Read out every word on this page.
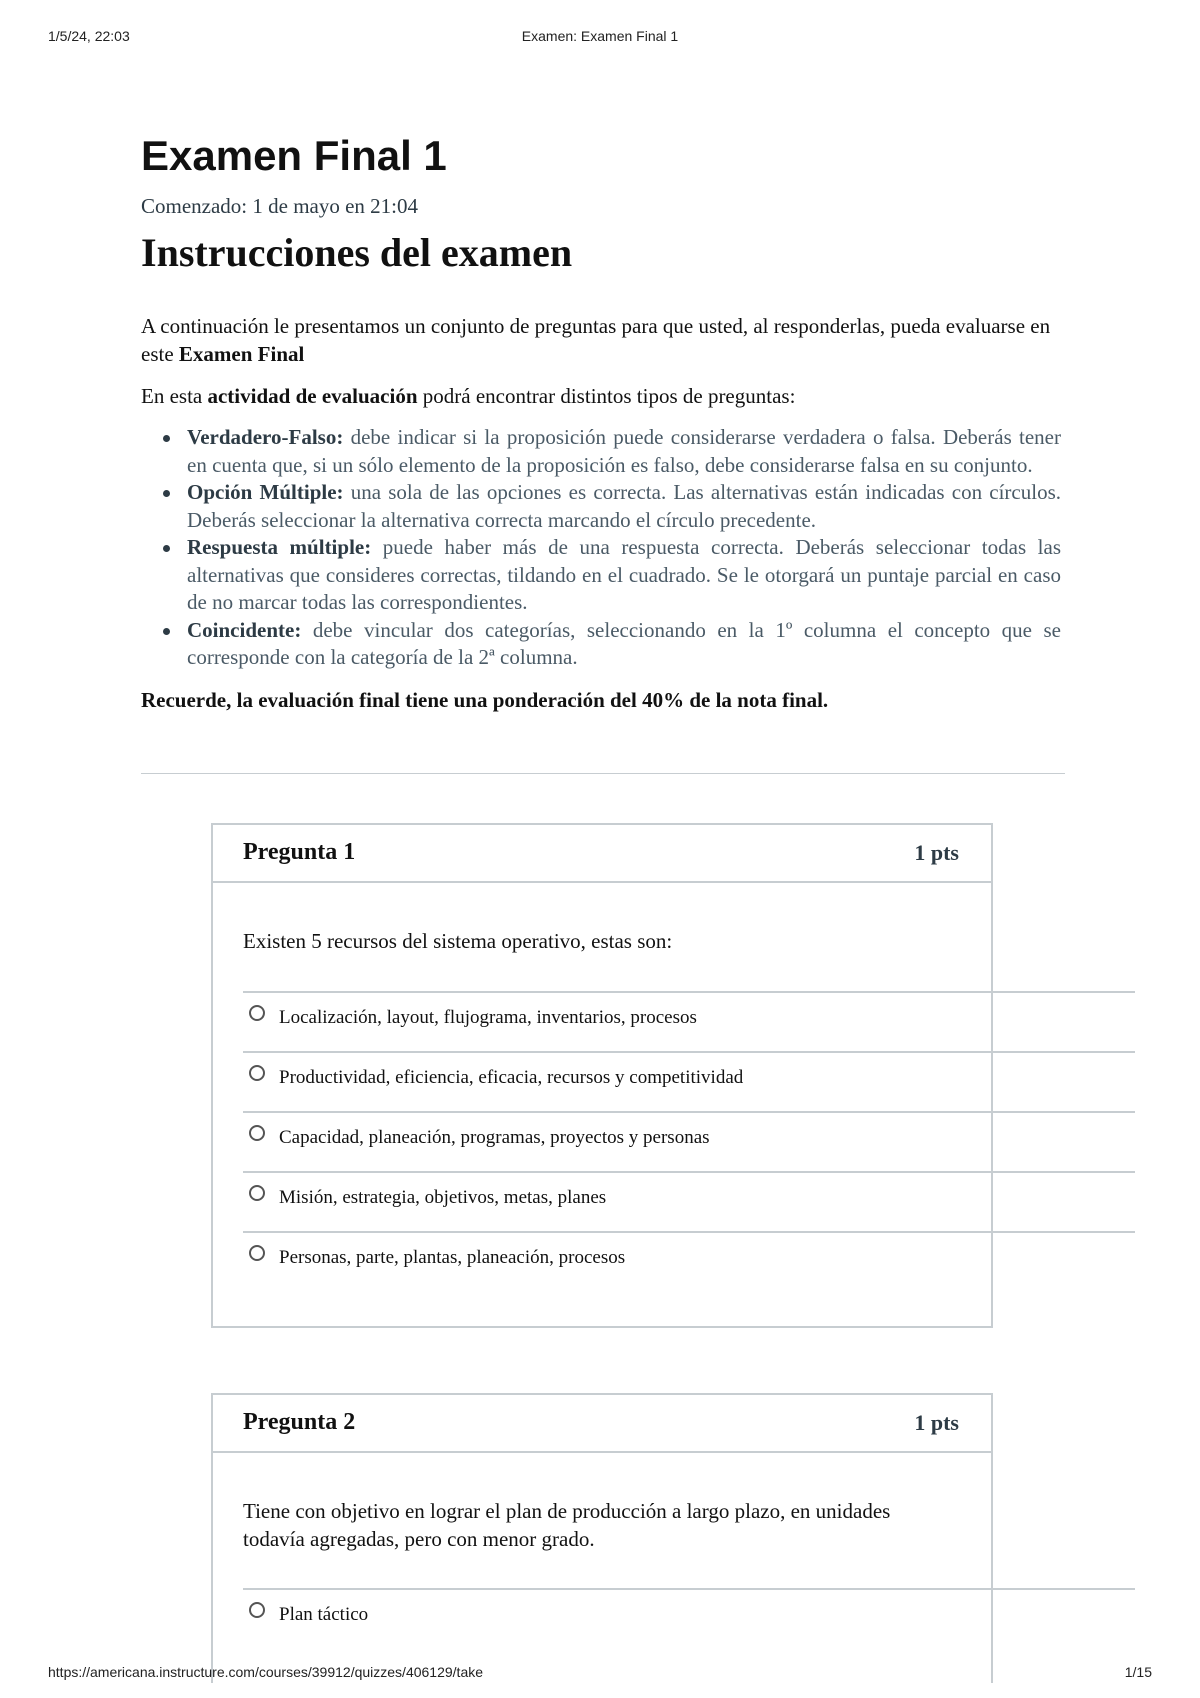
1/5/24, 22:03	Examen: Examen Final 1
Examen Final 1
Comenzado: 1 de mayo en 21:04
Instrucciones del examen

A continuación le presentamos un conjunto de preguntas para que usted, al responderlas, pueda evaluarse en este Examen Final

En esta actividad de evaluación podrá encontrar distintos tipos de preguntas:

Verdadero-Falso: debe indicar si la proposición puede considerarse verdadera o falsa. Deberás tener en cuenta que, si un sólo elemento de la proposición es falso, debe considerarse falsa en su conjunto.
Opción Múltiple: una sola de las opciones es correcta. Las alternativas están indicadas con círculos. Deberás seleccionar la alternativa correcta marcando el círculo precedente.
Respuesta múltiple: puede haber más de una respuesta correcta. Deberás seleccionar todas las alternativas que consideres correctas, tildando en el cuadrado. Se le otorgará un puntaje parcial en caso de no marcar todas las correspondientes.
Coincidente: debe vincular dos categorías, seleccionando en la 1º columna el concepto que se corresponde con la categoría de la 2ª columna.

Recuerde, la evaluación final tiene una ponderación del 40% de la nota final.

Pregunta 1	1 pts
Existen 5 recursos del sistema operativo, estas son:
Localización, layout, flujograma, inventarios, procesos
Productividad, eficiencia, eficacia, recursos y competitividad
Capacidad, planeación, programas, proyectos y personas
Misión, estrategia, objetivos, metas, planes
Personas, parte, plantas, planeación, procesos
Pregunta 2	1 pts
Tiene con objetivo en lograr el plan de producción a largo plazo, en unidades todavía agregadas, pero con menor grado.
Plan táctico
https://americana.instructure.com/courses/39912/quizzes/406129/take	1/15
